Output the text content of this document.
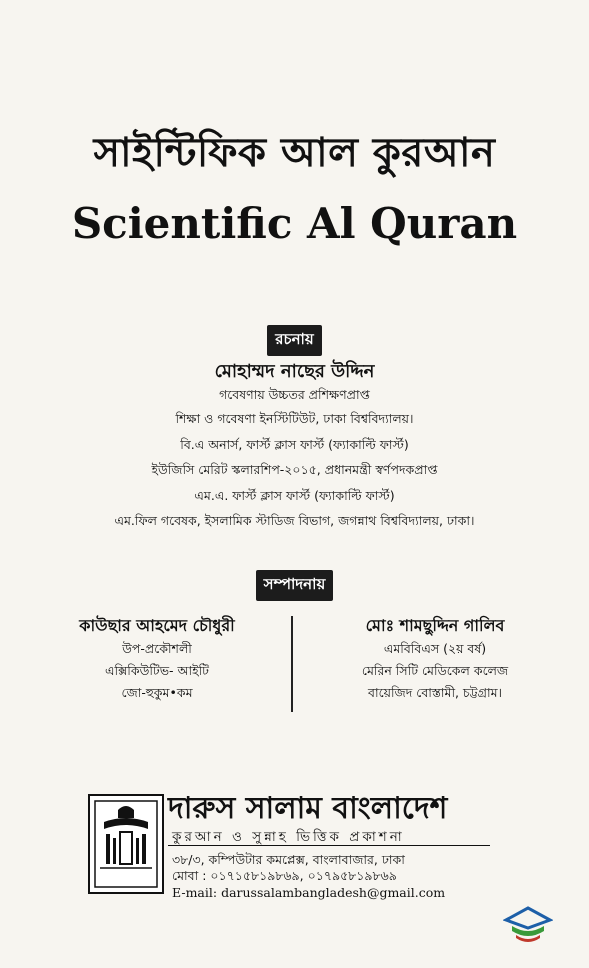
সাইন্টিফিক আল কুরআন
Scientific Al Quran
রচনায়
মোহাম্মদ নাছের উদ্দিন
গবেষণায় উচ্চতর প্রশিক্ষণপ্রাপ্ত
শিক্ষা ও গবেষণা ইনস্টিটিউট, ঢাকা বিশ্ববিদ্যালয়।
বি.এ অনার্স, ফার্স্ট ক্লাস ফার্স্ট (ফ্যাকাল্টি ফার্স্ট)
ইউজিসি মেরিট স্কলারশিপ-২০১৫, প্রধানমন্ত্রী স্বর্ণপদকপ্রাপ্ত
এম.এ. ফার্স্ট ক্লাস ফার্স্ট (ফ্যাকাল্টি ফার্স্ট)
এম.ফিল গবেষক, ইসলামিক স্টাডিজ বিভাগ, জগন্নাথ বিশ্ববিদ্যালয়, ঢাকা।
সম্পাদনায়
কাউছার আহমেদ চৌধুরী
উপ-প্রকৌশলী
এক্সিকিউটিভ- আইটি
জো-হুকুম•কম
মোঃ শামছুদ্দিন গালিব
এমবিবিএস (২য় বর্ষ)
মেরিন সিটি মেডিকেল কলেজ
বায়েজিদ বোস্তামী, চট্টগ্রাম।
দারুস সালাম বাংলাদেশ
কুরআন ও সুন্নাহ ভিত্তিক প্রকাশনা
৩৮/৩, কম্পিউটার কমপ্লেক্স, বাংলাবাজার, ঢাকা
মোবা : ০১৭১৫৮১৯৮৬৯, ০১৭৯৫৮১৯৮৬৯
E-mail: darussalambangladesh@gmail.com
